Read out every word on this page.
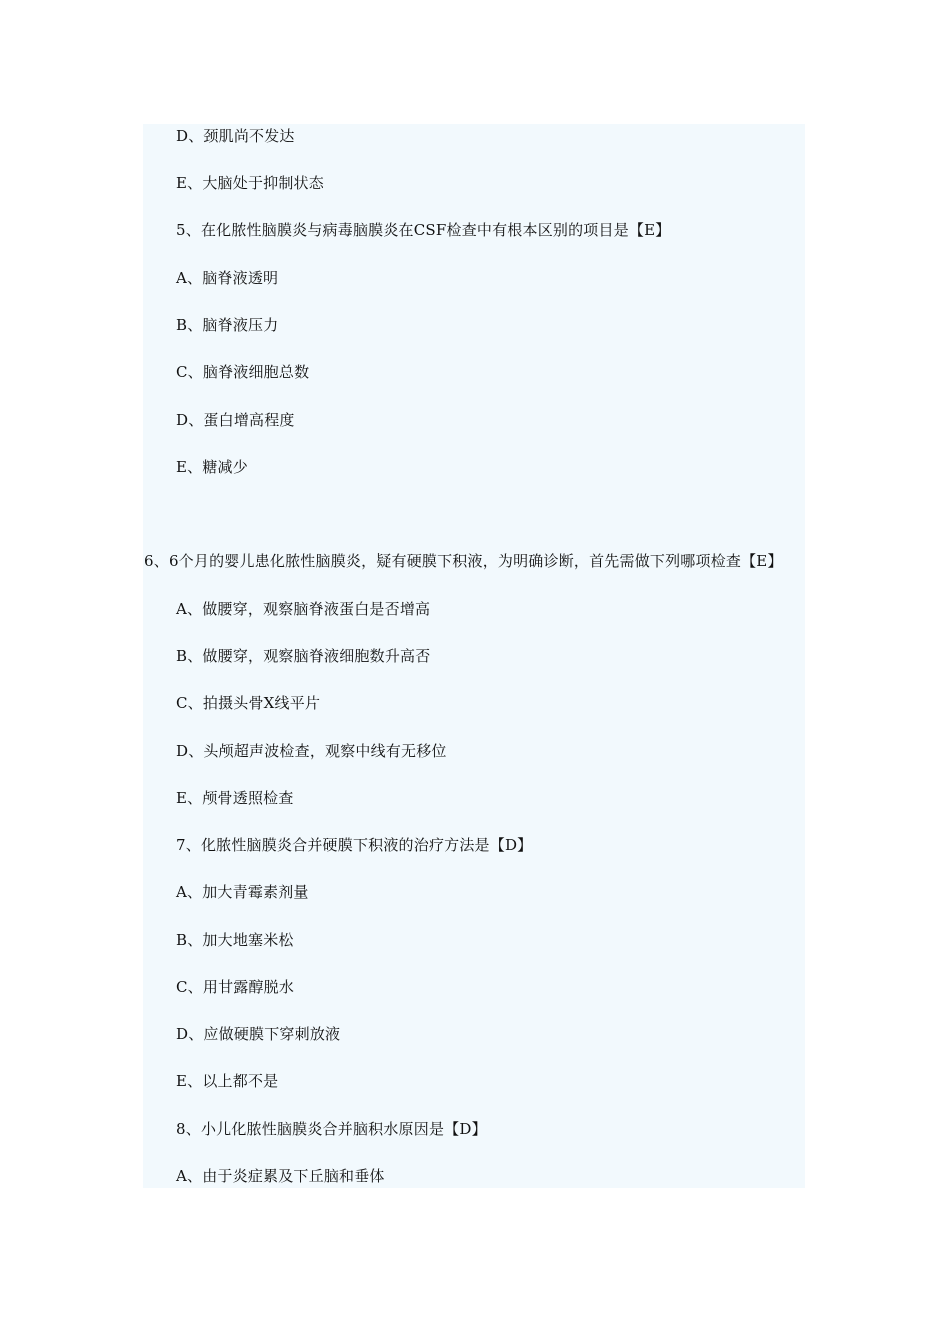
D、颈肌尚不发达
E、大脑处于抑制状态
5、在化脓性脑膜炎与病毒脑膜炎在CSF检查中有根本区别的项目是【E】
A、脑脊液透明
B、脑脊液压力
C、脑脊液细胞总数
D、蛋白增高程度
E、糖减少
6、6个月的婴儿患化脓性脑膜炎，疑有硬膜下积液，为明确诊断，首先需做下列哪项检查【E】
A、做腰穿，观察脑脊液蛋白是否增高
B、做腰穿，观察脑脊液细胞数升高否
C、拍摄头骨X线平片
D、头颅超声波检查，观察中线有无移位
E、颅骨透照检查
7、化脓性脑膜炎合并硬膜下积液的治疗方法是【D】
A、加大青霉素剂量
B、加大地塞米松
C、用甘露醇脱水
D、应做硬膜下穿刺放液
E、以上都不是
8、小儿化脓性脑膜炎合并脑积水原因是【D】
A、由于炎症累及下丘脑和垂体
